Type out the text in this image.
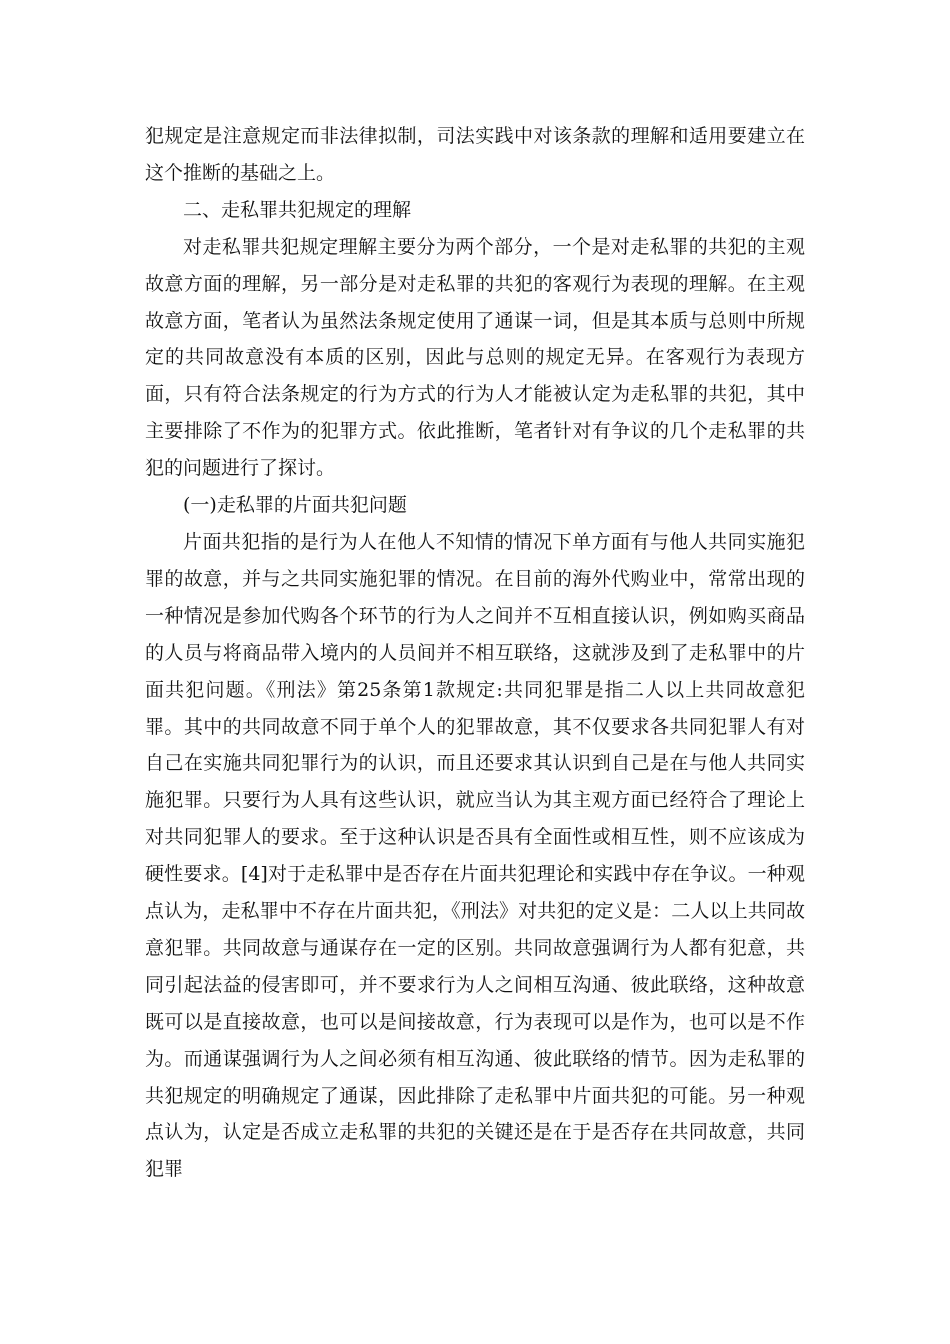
犯规定是注意规定而非法律拟制，司法实践中对该条款的理解和适用要建立在这个推断的基础之上。

二、走私罪共犯规定的理解

对走私罪共犯规定理解主要分为两个部分，一个是对走私罪的共犯的主观故意方面的理解，另一部分是对走私罪的共犯的客观行为表现的理解。在主观故意方面，笔者认为虽然法条规定使用了通谋一词，但是其本质与总则中所规定的共同故意没有本质的区别，因此与总则的规定无异。在客观行为表现方面，只有符合法条规定的行为方式的行为人才能被认定为走私罪的共犯，其中主要排除了不作为的犯罪方式。依此推断，笔者针对有争议的几个走私罪的共犯的问题进行了探讨。

(一)走私罪的片面共犯问题

片面共犯指的是行为人在他人不知情的情况下单方面有与他人共同实施犯罪的故意，并与之共同实施犯罪的情况。在目前的海外代购业中，常常出现的一种情况是参加代购各个环节的行为人之间并不互相直接认识，例如购买商品的人员与将商品带入境内的人员间并不相互联络，这就涉及到了走私罪中的片面共犯问题。《刑法》第25条第1款规定:共同犯罪是指二人以上共同故意犯罪。其中的共同故意不同于单个人的犯罪故意，其不仅要求各共同犯罪人有对自己在实施共同犯罪行为的认识，而且还要求其认识到自己是在与他人共同实施犯罪。只要行为人具有这些认识，就应当认为其主观方面已经符合了理论上对共同犯罪人的要求。至于这种认识是否具有全面性或相互性，则不应该成为硬性要求。[4]对于走私罪中是否存在片面共犯理论和实践中存在争议。一种观点认为，走私罪中不存在片面共犯，《刑法》对共犯的定义是：二人以上共同故意犯罪。共同故意与通谋存在一定的区别。共同故意强调行为人都有犯意，共同引起法益的侵害即可，并不要求行为人之间相互沟通、彼此联络，这种故意既可以是直接故意，也可以是间接故意，行为表现可以是作为，也可以是不作为。而通谋强调行为人之间必须有相互沟通、彼此联络的情节。因为走私罪的共犯规定的明确规定了通谋，因此排除了走私罪中片面共犯的可能。另一种观点认为，认定是否成立走私罪的共犯的关键还是在于是否存在共同故意，共同犯罪
